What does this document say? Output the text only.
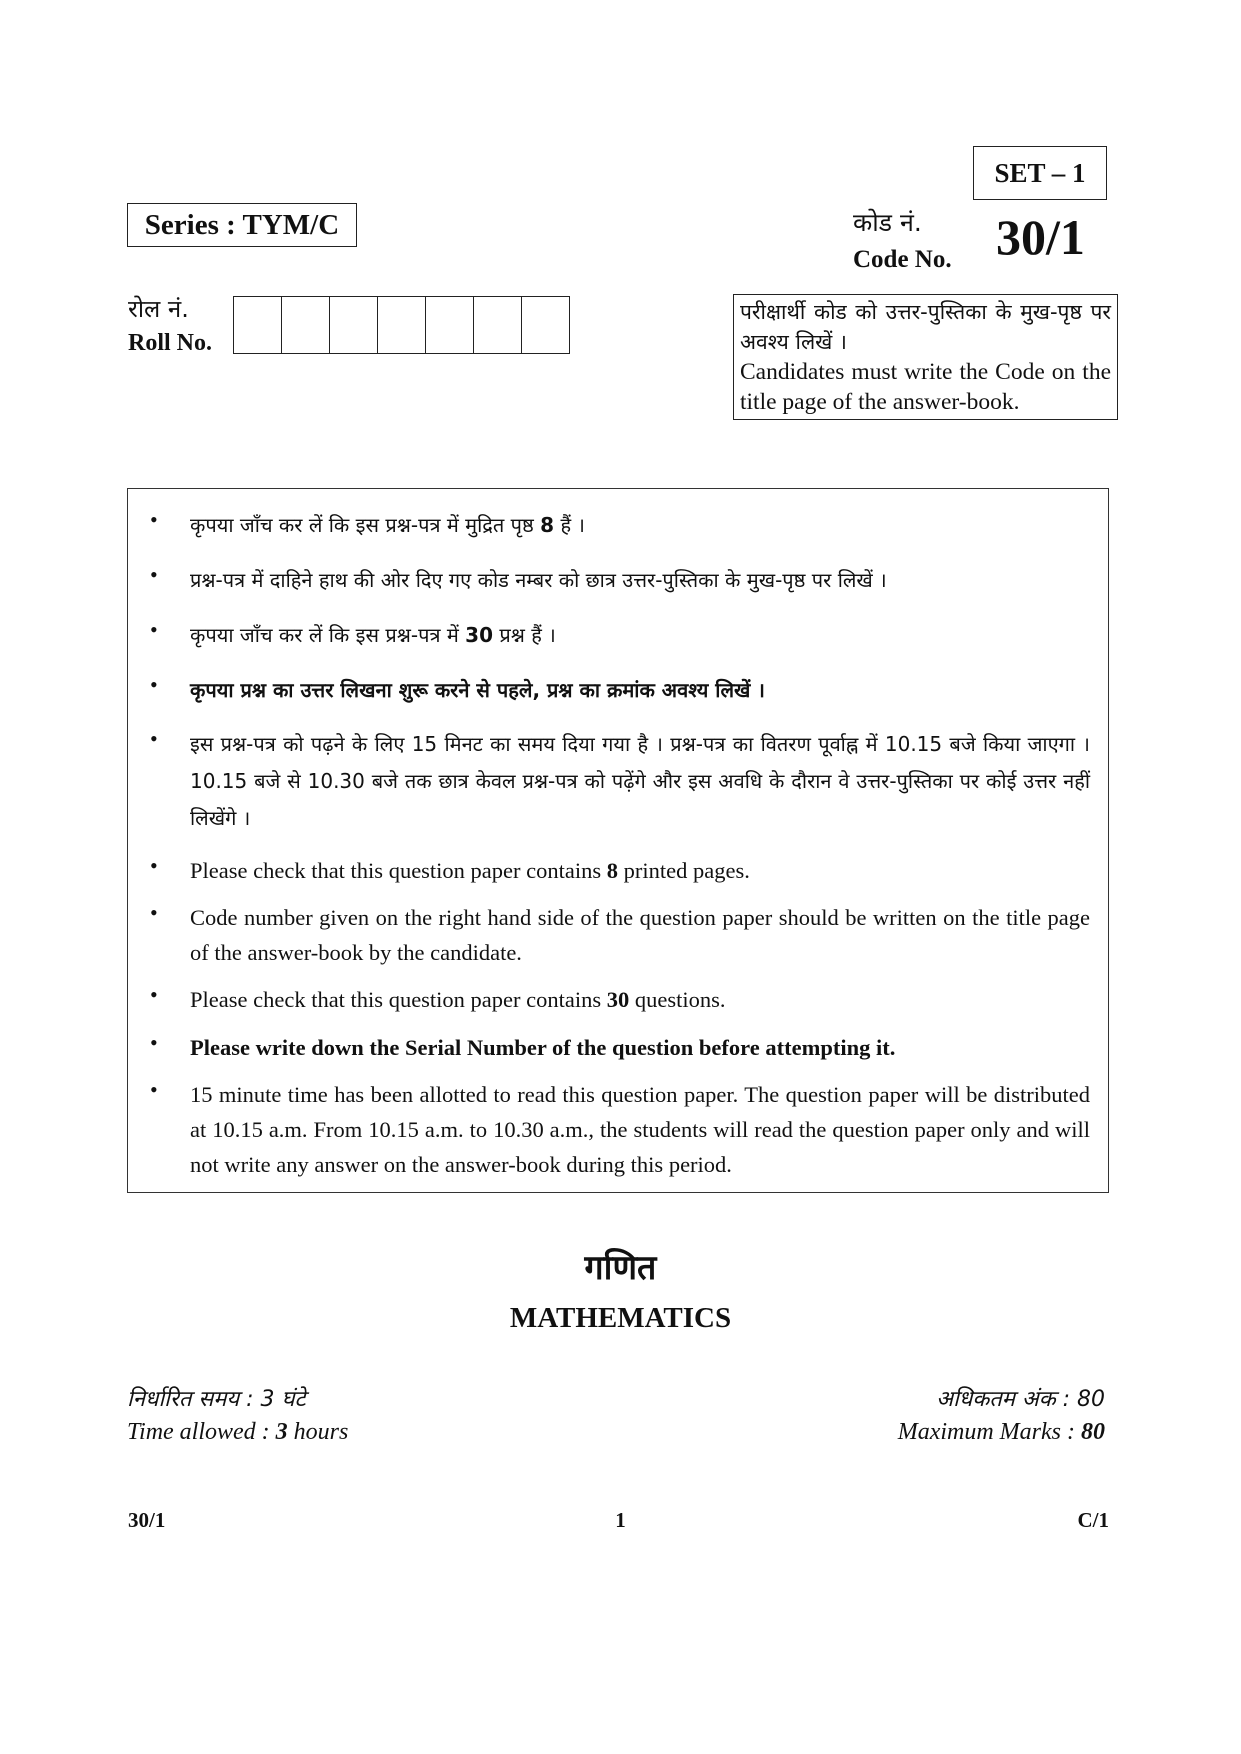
SET – 1
Series : TYM/C	कोड नं.
Code No. 30/1
रोल नं.
Roll No.
परीक्षार्थी कोड को उत्तर-पुस्तिका के मुख-पृष्ठ पर अवश्य लिखें ।
Candidates must write the Code on the title page of the answer-book.
• कृपया जाँच कर लें कि इस प्रश्न-पत्र में मुद्रित पृष्ठ 8 हैं ।
• प्रश्न-पत्र में दाहिने हाथ की ओर दिए गए कोड नम्बर को छात्र उत्तर-पुस्तिका के मुख-पृष्ठ पर लिखें ।
• कृपया जाँच कर लें कि इस प्रश्न-पत्र में 30 प्रश्न हैं ।
• कृपया प्रश्न का उत्तर लिखना शुरू करने से पहले, प्रश्न का क्रमांक अवश्य लिखें ।
• इस प्रश्न-पत्र को पढ़ने के लिए 15 मिनट का समय दिया गया है । प्रश्न-पत्र का वितरण पूर्वाह्न में 10.15 बजे किया जाएगा । 10.15 बजे से 10.30 बजे तक छात्र केवल प्रश्न-पत्र को पढ़ेंगे और इस अवधि के दौरान वे उत्तर-पुस्तिका पर कोई उत्तर नहीं लिखेंगे ।
• Please check that this question paper contains 8 printed pages.
• Code number given on the right hand side of the question paper should be written on the title page of the answer-book by the candidate.
• Please check that this question paper contains 30 questions.
• Please write down the Serial Number of the question before attempting it.
• 15 minute time has been allotted to read this question paper. The question paper will be distributed at 10.15 a.m. From 10.15 a.m. to 10.30 a.m., the students will read the question paper only and will not write any answer on the answer-book during this period.
गणित
MATHEMATICS
निर्धारित समय : 3 घंटे
Time allowed : 3 hours
अधिकतम अंक : 80
Maximum Marks : 80
30/1	1	C/1
